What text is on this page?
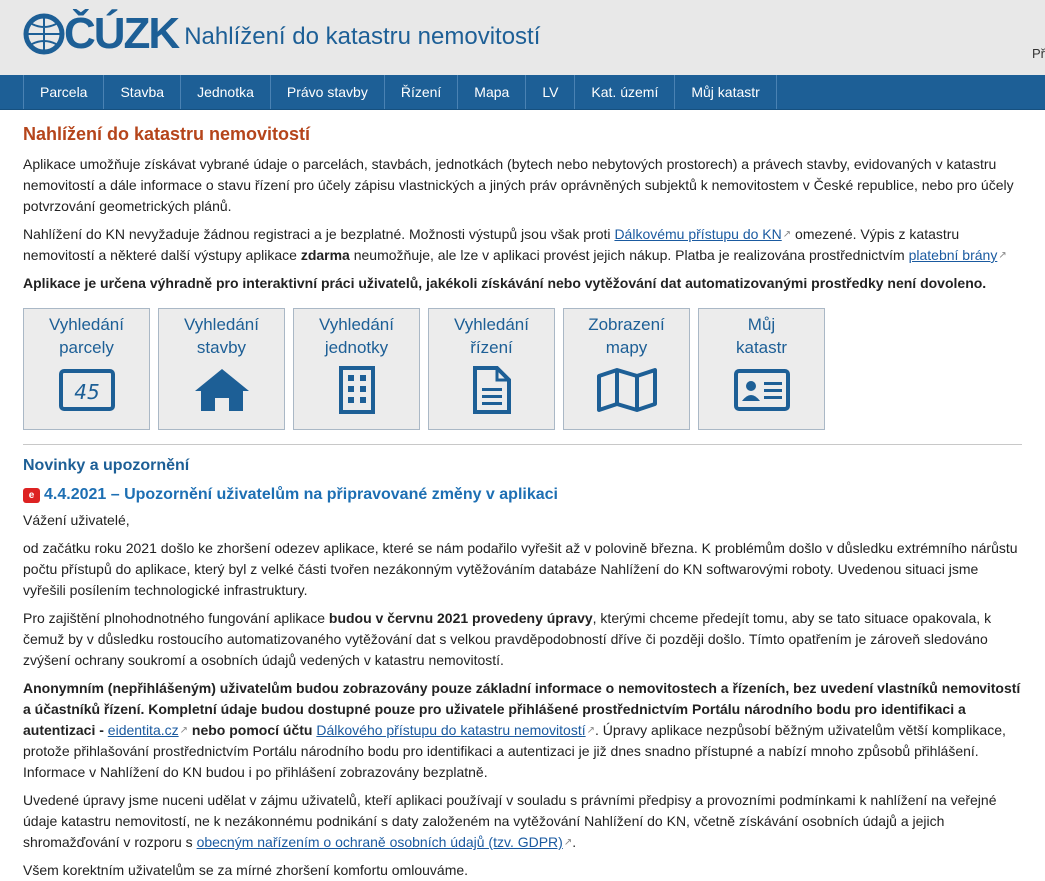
ČÚZK Nahlížení do katastru nemovitostí
Př
Parcela	Stavba	Jednotka	Právo stavby	Řízení	Mapa	LV	Kat. území	Můj katastr
Nahlížení do katastru nemovitostí

Aplikace umožňuje získávat vybrané údaje o parcelách, stavbách, jednotkách (bytech nebo nebytových prostorech) a právech stavby, evidovaných v katastru nemovitostí a dále informace o stavu řízení pro účely zápisu vlastnických a jiných práv oprávněných subjektů k nemovitostem v České republice, nebo pro účely potvrzování geometrických plánů.

Nahlížení do KN nevyžaduje žádnou registraci a je bezplatné. Možnosti výstupů jsou však proti Dálkovému přístupu do KN↗ omezené. Výpis z katastru nemovitostí a některé další výstupy aplikace zdarma neumožňuje, ale lze v aplikaci provést jejich nákup. Platba je realizována prostřednictvím platební brány↗

Aplikace je určena výhradně pro interaktivní práci uživatelů, jakékoli získávání nebo vytěžování dat automatizovanými prostředky není dovoleno.

Vyhledání
parcely
45
Vyhledání
stavby
Vyhledání
jednotky
Vyhledání
řízení
Zobrazení
mapy
Můj
katastr
Novinky a upozornění
e 4.4.2021 – Upozornění uživatelům na připravované změny v aplikaci

Vážení uživatelé,

od začátku roku 2021 došlo ke zhoršení odezev aplikace, které se nám podařilo vyřešit až v polovině března. K problémům došlo v důsledku extrémního nárůstu počtu přístupů do aplikace, který byl z velké části tvořen nezákonným vytěžováním databáze Nahlížení do KN softwarovými roboty. Uvedenou situaci jsme vyřešili posílením technologické infrastruktury.

Pro zajištění plnohodnotného fungování aplikace budou v červnu 2021 provedeny úpravy, kterými chceme předejít tomu, aby se tato situace opakovala, k čemuž by v důsledku rostoucího automatizovaného vytěžování dat s velkou pravděpodobností dříve či později došlo. Tímto opatřením je zároveň sledováno zvýšení ochrany soukromí a osobních údajů vedených v katastru nemovitostí.

Anonymním (nepřihlášeným) uživatelům budou zobrazovány pouze základní informace o nemovitostech a řízeních, bez uvedení vlastníků nemovitostí a účastníků řízení. Kompletní údaje budou dostupné pouze pro uživatele přihlášené prostřednictvím Portálu národního bodu pro identifikaci a autentizaci - eidentita.cz↗ nebo pomocí účtu Dálkového přístupu do katastru nemovitostí↗. Úpravy aplikace nezpůsobí běžným uživatelům větší komplikace, protože přihlašování prostřednictvím Portálu národního bodu pro identifikaci a autentizaci je již dnes snadno přístupné a nabízí mnoho způsobů přihlášení. Informace v Nahlížení do KN budou i po přihlášení zobrazovány bezplatně.

Uvedené úpravy jsme nuceni udělat v zájmu uživatelů, kteří aplikaci používají v souladu s právními předpisy a provozními podmínkami k nahlížení na veřejné údaje katastru nemovitostí, ne k nezákonnému podnikání s daty založeném na vytěžování Nahlížení do KN, včetně získávání osobních údajů a jejich shromažďování v rozporu s obecným nařízením o ochraně osobních údajů (tzv. GDPR)↗.

Všem korektním uživatelům se za mírné zhoršení komfortu omlouváme.
